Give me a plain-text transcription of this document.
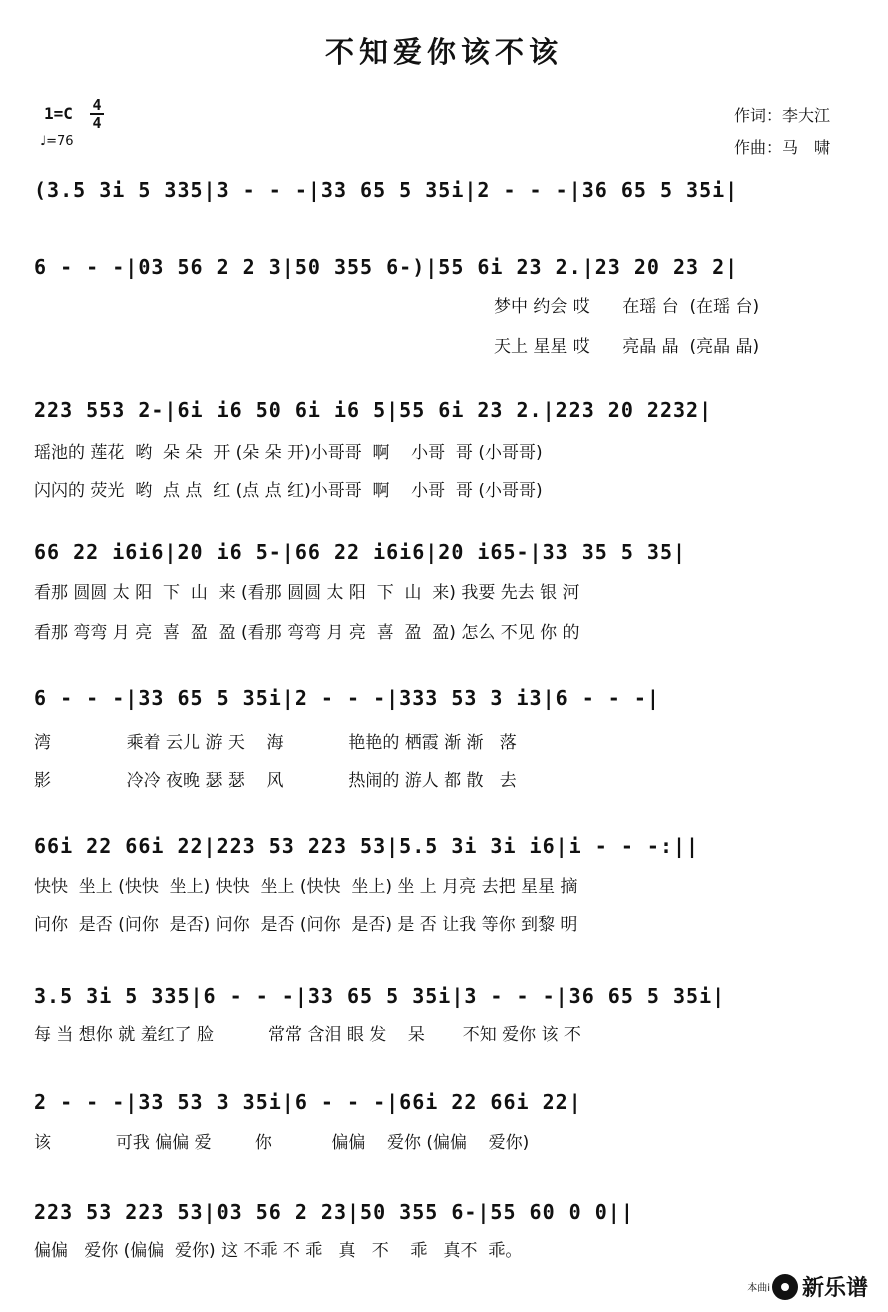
不知爱你该不该
1=C 4
4
♩=76
作词：李大江
作曲：马　啸
(3.5 3i 5 335|3 - - -|33 65 5 35i|2 - - -|36 65 5 35i|
6 - - -|03 56 2 2 3|50 355 6-)|55 6i 23 2.|23 20 23 2|
梦中 约会 哎      在瑶 台  (在瑶 台)
天上 星星 哎      亮晶 晶  (亮晶 晶)
223 553 2-|6i i6 50 6i i6 5|55 6i 23 2.|223 20 2232|
瑶池的 莲花  哟  朵 朵  开 (朵 朵 开)小哥哥  啊    小哥  哥 (小哥哥)
闪闪的 荧光  哟  点 点  红 (点 点 红)小哥哥  啊    小哥  哥 (小哥哥)
66 22 i6i6|20 i6 5-|66 22 i6i6|20 i65-|33 35 5 35|
看那 圆圆 太 阳  下  山  来 (看那 圆圆 太 阳  下  山  来) 我要 先去 银 河
看那 弯弯 月 亮  喜  盈  盈 (看那 弯弯 月 亮  喜  盈  盈) 怎么 不见 你 的
6 - - -|33 65 5 35i|2 - - -|333 53 3 i3|6 - - -|
湾              乘着 云儿 游 天    海            艳艳的 栖霞 渐 渐   落
影              冷冷 夜晚 瑟 瑟    风            热闹的 游人 都 散   去
66i 22 66i 22|223 53 223 53|5.5 3i 3i i6|i - - -:||
快快  坐上 (快快  坐上) 快快  坐上 (快快  坐上) 坐 上 月亮 去把 星星 摘
问你  是否 (问你  是否) 问你  是否 (问你  是否) 是 否 让我 等你 到黎 明
3.5 3i 5 335|6 - - -|33 65 5 35i|3 - - -|36 65 5 35i|
每 当 想你 就 羞红了 脸          常常 含泪 眼 发    呆       不知 爱你 该 不
2 - - -|33 53 3 35i|6 - - -|66i 22 66i 22|
该            可我 偏偏 爱        你           偏偏    爱你 (偏偏    爱你)
223 53 223 53|03 56 2 23|50 355 6-|55 60 0 0||
偏偏   爱你 (偏偏  爱你) 这 不乖 不 乖   真   不    乖   真不  乖。
本曲i 新乐谱
